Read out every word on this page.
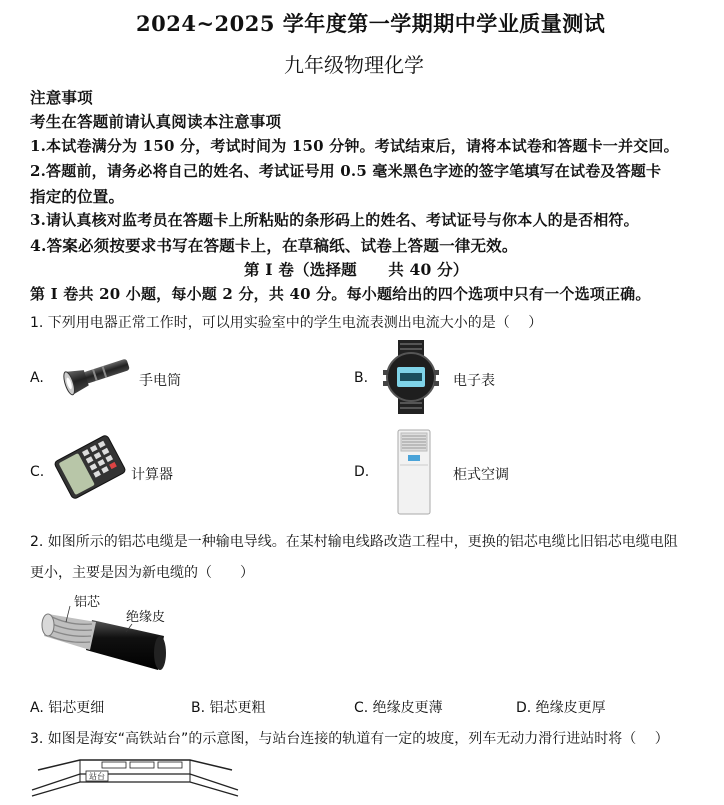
2024~2025 学年度第一学期期中学业质量测试
九年级物理化学
注意事项
考生在答题前请认真阅读本注意事项
1.本试卷满分为 150 分，考试时间为 150 分钟。考试结束后，请将本试卷和答题卡一并交回。
2.答题前，请务必将自己的姓名、考试证号用 0.5 毫米黑色字迹的签字笔填写在试卷及答题卡
指定的位置。
3.请认真核对监考员在答题卡上所粘贴的条形码上的姓名、考试证号与你本人的是否相符。
4.答案必须按要求书写在答题卡上，在草稿纸、试卷上答题一律无效。
第 I 卷（选择题　　共 40 分）
第 I 卷共 20 小题，每小题 2 分，共 40 分。每小题给出的四个选项中只有一个选项正确。
1. 下列用电器正常工作时，可以用实验室中的学生电流表测出电流大小的是（　 ）
A.	手电筒	B.	电子表
C.	计算器	D.	柜式空调
2. 如图所示的铝芯电缆是一种输电导线。在某村输电线路改造工程中，更换的铝芯电缆比旧铝芯电缆电阻
更小，主要是因为新电缆的（　　）
铝芯
绝缘皮
A. 铝芯更细	B. 铝芯更粗	C. 绝缘皮更薄	D. 绝缘皮更厚
3. 如图是海安“高铁站台”的示意图，与站台连接的轨道有一定的坡度，列车无动力滑行进站时将（　 ）
站台
